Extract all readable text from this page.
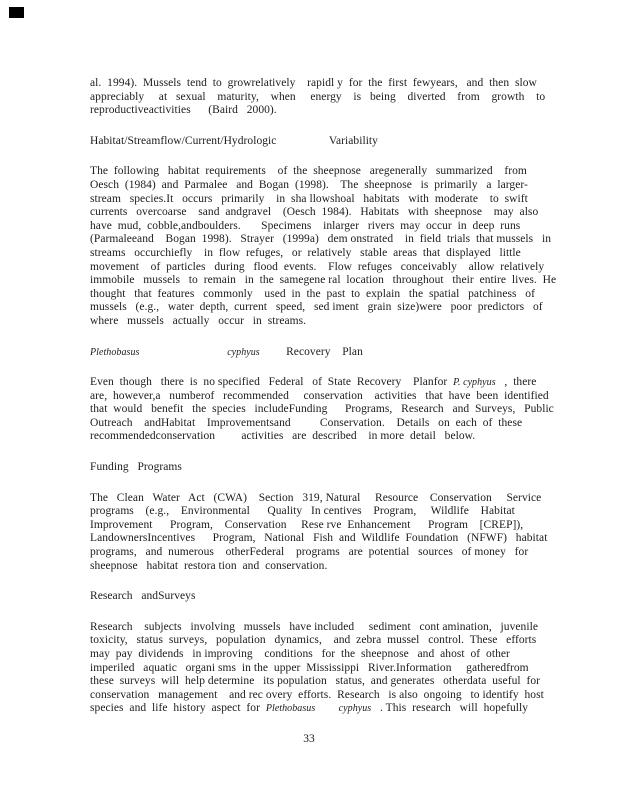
al.  1994).  Mussels  tend  to  growrelatively    rapidl y  for  the  first  fewyears,   and  then  slow
appreciably     at   sexual    maturity,    when     energy    is   being    diverted    from    growth    to
reproductiveactivities      (Baird   2000).
Habitat/Streamflow/Current/Hydrologic                  Variability
The  following   habitat  requirements    of  the  sheepnose   aregenerally   summarized    from
Oesch  (1984)  and  Parmalee   and  Bogan  (1998).    The  sheepnose   is  primarily   a  larger-
stream   species.It   occurs   primarily    in  sha llowshoal   habitats   with  moderate    to  swift
currents   overcoarse    sand  andgravel    (Oesch  1984).   Habitats   with  sheepnose    may  also
have  mud,  cobble,andboulders.       Specimens    inlarger   rivers  may  occur  in  deep  runs
(Parmaleeand    Bogan  1998).   Strayer   (1999a)   dem onstrated    in  field  trials  that mussels   in
streams   occurchiefly    in  flow  refuges,   or  relatively   stable  areas  that  displayed   little
movement    of  particles   during   flood  events.    Flow  refuges   conceivably    allow  relatively
immobile   mussels   to  remain   in  the  samegene ral  location   throughout   their  entire  lives.  He
thought   that  features   commonly    used  in  the  past  to  explain   the  spatial   patchiness   of
mussels   (e.g.,   water  depth,  current   speed,   sed iment   grain  size)were   poor  predictors   of
where   mussels   actually   occur   in  streams.
Plethobasus	cyphyus         Recovery    Plan
Even  though   there  is  no specified   Federal   of  State  Recovery    Planfor  P. cyphyus   ,  there
are,  however,a   numberof   recommended     conservation    activities   that  have  been  identified
that  would   benefit   the  species   includeFunding      Programs,   Research   and  Surveys,   Public
Outreach    andHabitat    Improvementsand          Conservation.    Details   on  each  of  these
recommendedconservation         activities   are  described    in more  detail   below.
Funding   Programs
The   Clean   Water   Act   (CWA)    Section   319, Natural     Resource    Conservation     Service
programs    (e.g.,    Environmental      Quality   In centives    Program,     Wildlife    Habitat
Improvement      Program,    Conservation     Rese rve  Enhancement      Program    [CREP]),
LandownersIncentives      Program,   National   Fish  and  Wildlife  Foundation   (NFWF)   habitat
programs,   and  numerous    otherFederal    programs   are  potential   sources   of money   for
sheepnose   habitat  restora tion  and  conservation.
Research   andSurveys
Research    subjects   involving   mussels   have included     sediment   cont amination,   juvenile
toxicity,   status  surveys,   population   dynamics,    and  zebra  mussel   control.  These   efforts
may  pay  dividends   in improving    conditions   for  the  sheepnose   and  ahost  of  other
imperiled   aquatic   organi sms  in the  upper  Mississippi   River.Information     gatheredfrom
these  surveys  will  help determine   its population   status,  and generates   otherdata  useful  for
conservation   management    and rec overy  efforts.  Research   is also  ongoing   to identify  host
species  and  life  history  aspect  for  Plethobasus cyphyus   . This  research   will  hopefully
33
